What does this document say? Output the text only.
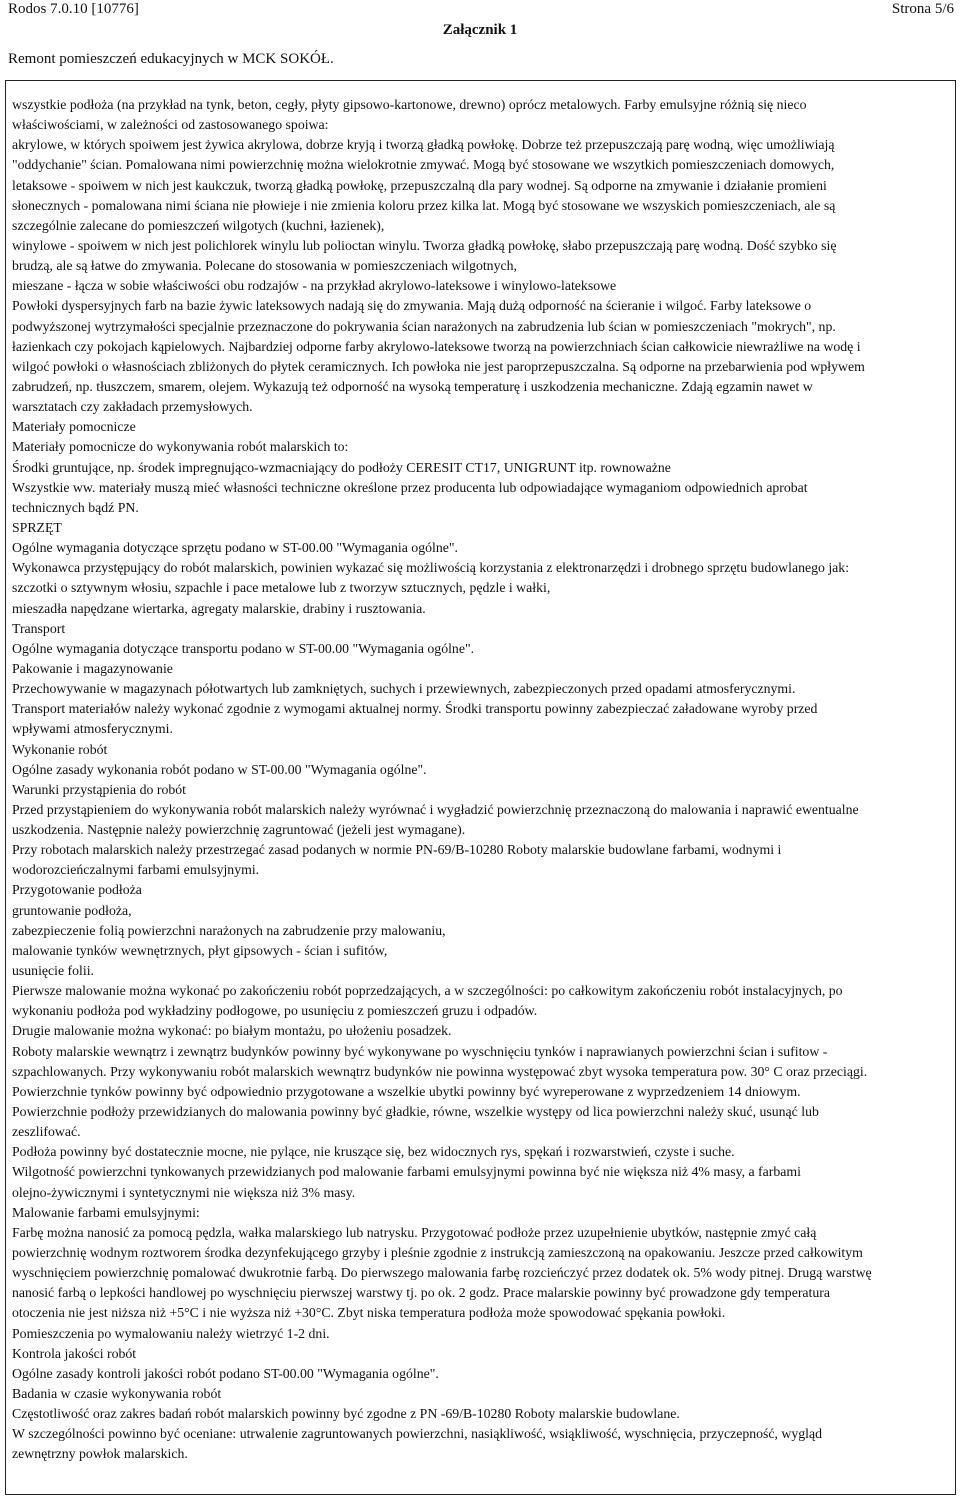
Rodos 7.0.10 [10776]	Strona 5/6
Załącznik 1
Remont pomieszczeń edukacyjnych w MCK SOKÓŁ.
wszystkie podłoża (na przykład na tynk, beton, cegły, płyty gipsowo-kartonowe, drewno) oprócz metalowych. Farby emulsyjne różnią się nieco
właściwościami, w zależności od zastosowanego spoiwa:
akrylowe, w których spoiwem jest żywica akrylowa, dobrze kryją i tworzą gładką powłokę. Dobrze też przepuszczają parę wodną, więc umożliwiają
"oddychanie" ścian. Pomalowana nimi powierzchnię można wielokrotnie zmywać. Mogą być stosowane we wszytkich pomieszczeniach domowych,
letaksowe - spoiwem w nich jest kaukczuk, tworzą gładką powłokę, przepuszczalną dla pary wodnej. Są odporne na zmywanie i działanie promieni
słonecznych - pomalowana nimi ściana nie płowieje i nie zmienia koloru przez kilka lat. Mogą być stosowane we wszyskich pomieszczeniach, ale są
szczególnie zalecane do pomieszczeń wilgotych (kuchni, łazienek),
winylowe - spoiwem w nich jest polichlorek winylu lub polioctan winylu. Tworza gładką powłokę, słabo przepuszczają parę wodną. Dość szybko się
brudzą, ale są łatwe do zmywania. Polecane do stosowania w pomieszczeniach wilgotnych,
mieszane - łącza w sobie właściwości obu rodzajów - na przykład akrylowo-lateksowe i winylowo-lateksowe
Powłoki dyspersyjnych farb na bazie żywic lateksowych nadają się do zmywania. Mają dużą odporność na ścieranie i wilgoć. Farby lateksowe o
podwyższonej wytrzymałości specjalnie przeznaczone do pokrywania ścian narażonych na zabrudzenia lub ścian w pomieszczeniach "mokrych", np.
łazienkach czy pokojach kąpielowych. Najbardziej odporne farby akrylowo-lateksowe tworzą na powierzchniach ścian całkowicie niewrażliwe na wodę i
wilgoć powłoki o własnościach zbliżonych do płytek ceramicznych. Ich powłoka nie jest paroprzepuszczalna. Są odporne na przebarwienia pod wpływem
zabrudzeń, np. tłuszczem, smarem, olejem. Wykazują też odporność na wysoką temperaturę i uszkodzenia mechaniczne. Zdają egzamin nawet w
warsztatach czy zakładach przemysłowych.
Materiały pomocnicze
Materiały pomocnicze do wykonywania robót malarskich to:
Środki gruntujące, np. środek impregnująco-wzmacniający do podłoży CERESIT CT17, UNIGRUNT itp. rownoważne
Wszystkie ww. materiały muszą mieć własności techniczne określone przez producenta lub odpowiadające wymaganiom odpowiednich aprobat
technicznych bądź PN.
SPRZĘT
Ogólne wymagania dotyczące sprzętu podano w ST-00.00 "Wymagania ogólne".
Wykonawca przystępujący do robót malarskich, powinien wykazać się możliwością korzystania z elektronarzędzi i drobnego sprzętu budowlanego jak:
szczotki o sztywnym włosiu, szpachle i pace metalowe lub z tworzyw sztucznych, pędzle i wałki,
mieszadła napędzane wiertarka, agregaty malarskie, drabiny i rusztowania.
Transport
Ogólne wymagania dotyczące transportu podano w ST-00.00 "Wymagania ogólne".
Pakowanie i magazynowanie
Przechowywanie w magazynach półotwartych lub zamkniętych, suchych i przewiewnych, zabezpieczonych przed opadami atmosferycznymi.
Transport materiałów należy wykonać zgodnie z wymogami aktualnej normy. Środki transportu powinny zabezpieczać załadowane wyroby przed
wpływami atmosferycznymi.
Wykonanie robót
Ogólne zasady wykonania robót podano w ST-00.00 "Wymagania ogólne".
Warunki przystąpienia do robót
Przed przystąpieniem do wykonywania robót malarskich należy wyrównać i wygładzić powierzchnię przeznaczoną do malowania i naprawić ewentualne
uszkodzenia. Następnie należy powierzchnię zagruntować (jeżeli jest wymagane).
Przy robotach malarskich należy przestrzegać zasad podanych w normie PN-69/B-10280 Roboty malarskie budowlane farbami, wodnymi i
wodorozcieńczalnymi farbami emulsyjnymi.
Przygotowanie podłoża
gruntowanie podłoża,
zabezpieczenie folią powierzchni narażonych na zabrudzenie przy malowaniu,
malowanie tynków wewnętrznych, płyt gipsowych - ścian i sufitów,
usunięcie folii.
Pierwsze malowanie można wykonać po zakończeniu robót poprzedzających, a w szczególności: po całkowitym zakończeniu robót instalacyjnych, po
wykonaniu podłoża pod wykładziny podłogowe, po usunięciu z pomieszczeń gruzu i odpadów.
Drugie malowanie można wykonać: po białym montażu, po ułożeniu posadzek.
Roboty malarskie wewnątrz i zewnątrz budynków powinny być wykonywane po wyschnięciu tynków i naprawianych powierzchni ścian i sufitow -
szpachlowanych. Przy wykonywaniu robót malarskich wewnątrz budynków nie powinna występować zbyt wysoka temperatura pow. 30° C oraz przeciągi.
Powierzchnie tynków powinny być odpowiednio przygotowane a wszelkie ubytki powinny być wyreperowane z wyprzedzeniem 14 dniowym.
Powierzchnie podłoży przewidzianych do malowania powinny być gładkie, równe, wszelkie występy od lica powierzchni należy skuć, usunąć lub
zeszlifować.
Podłoża powinny być dostatecznie mocne, nie pylące, nie kruszące się, bez widocznych rys, spękań i rozwarstwień, czyste i suche.
Wilgotność powierzchni tynkowanych przewidzianych pod malowanie farbami emulsyjnymi powinna być nie większa niż 4% masy, a farbami
olejno-żywicznymi i syntetycznymi nie większa niż 3% masy.
Malowanie farbami emulsyjnymi:
Farbę można nanosić za pomocą pędzla, wałka malarskiego lub natrysku. Przygotować podłoże przez uzupełnienie ubytków, następnie zmyć całą
powierzchnię wodnym roztworem środka dezynfekującego grzyby i pleśnie zgodnie z instrukcją zamieszczoną na opakowaniu. Jeszcze przed całkowitym
wyschnięciem powierzchnię pomalować dwukrotnie farbą. Do pierwszego malowania farbę rozcieńczyć przez dodatek ok. 5% wody pitnej. Drugą warstwę
nanosić farbą o lepkości handlowej po wyschnięciu pierwszej warstwy tj. po ok. 2 godz. Prace malarskie powinny być prowadzone gdy temperatura
otoczenia nie jest niższa niż +5°C i nie wyższa niż +30°C. Zbyt niska temperatura podłoża może spowodować spękania powłoki.
Pomieszczenia po wymalowaniu należy wietrzyć 1-2 dni.
Kontrola jakości robót
Ogólne zasady kontroli jakości robót podano ST-00.00 "Wymagania ogólne".
Badania w czasie wykonywania robót
Częstotliwość oraz zakres badań robót malarskich powinny być zgodne z PN -69/B-10280 Roboty malarskie budowlane.
W szczególności powinno być oceniane: utrwalenie zagruntowanych powierzchni, nasiąkliwość, wsiąkliwość, wyschnięcia, przyczepność, wygląd
zewnętrzny powłok malarskich.
